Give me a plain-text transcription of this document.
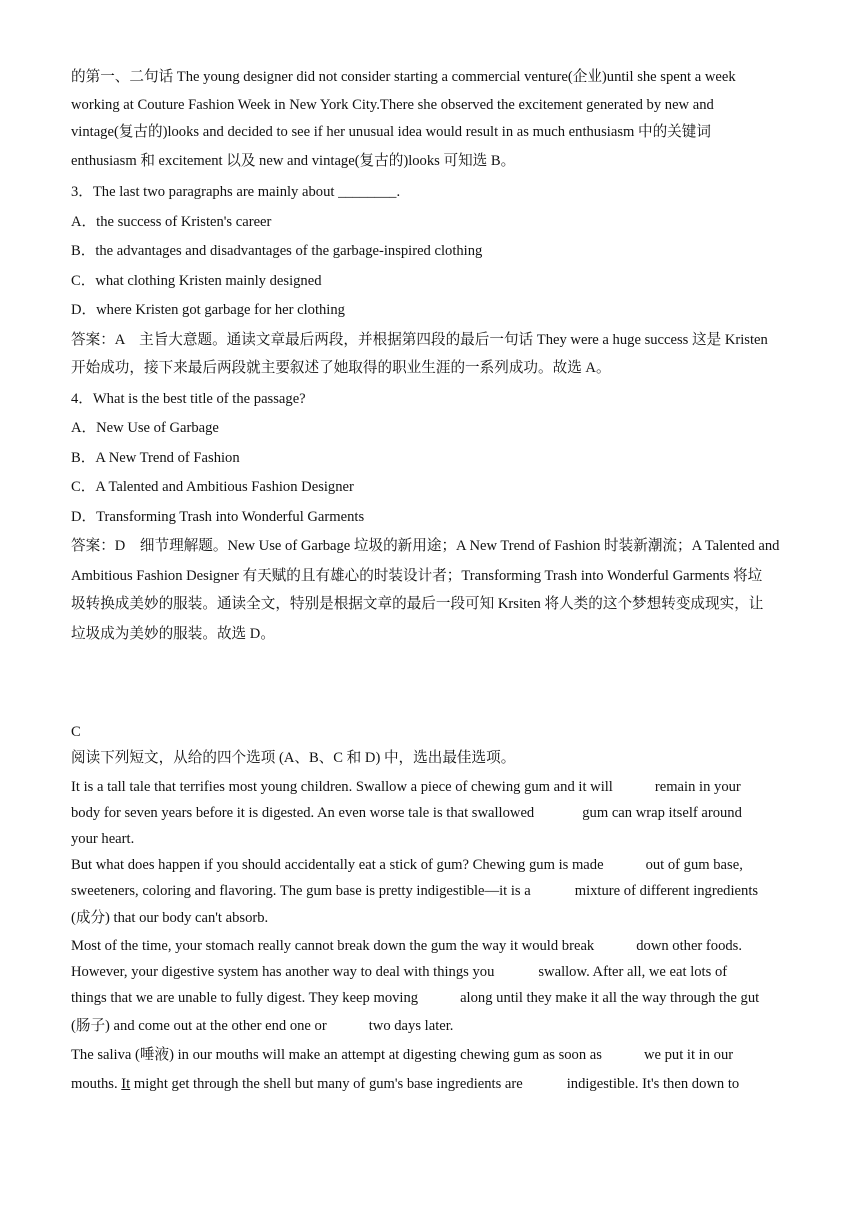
的第一、二句话 The young designer did not consider starting a commercial venture(企业)until she spent a week
working at Couture Fashion Week in New York City.There she observed the excitement generated by new and
vintage(复古的)looks and decided to see if her unusual idea would result in as much enthusiasm 中的关键词
enthusiasm 和 excitement 以及 new and vintage(复古的)looks 可知选 B。
3．The last two paragraphs are mainly about ________.
A．the success of Kristen's career
B．the advantages and disadvantages of the garbage-inspired clothing
C．what clothing Kristen mainly designed
D．where Kristen got garbage for her clothing
答案：A　主旨大意题。通读文章最后两段，并根据第四段的最后一句话 They were a huge success 这是 Kristen
开始成功，接下来最后两段就主要叙述了她取得的职业生涯的一系列成功。故选 A。
4．What is the best title of the passage?
A．New Use of Garbage
B．A New Trend of Fashion
C．A Talented and Ambitious Fashion Designer
D．Transforming Trash into Wonderful Garments
答案：D　细节理解题。New Use of Garbage 垃圾的新用途；A New Trend of Fashion 时装新潮流；A Talented and
Ambitious Fashion Designer 有天赋的且有雄心的时装设计者；Transforming Trash into Wonderful Garments 将垃
圾转换成美妙的服装。通读全文，特别是根据文章的最后一段可知 Krsiten 将人类的这个梦想转变成现实，让
垃圾成为美妙的服装。故选 D。
C
阅读下列短文，从给的四个选项 (A、B、C 和 D) 中，选出最佳选项。
It is a tall tale that terrifies most young children. Swallow a piece of chewing gum and it will	remain in your
body for seven years before it is digested. An even worse tale is that swallowed	gum can wrap itself around
your heart.
But what does happen if you should accidentally eat a stick of gum? Chewing gum is made	out of gum base,
sweeteners, coloring and flavoring. The gum base is pretty indigestible—it is a	mixture of different ingredients
(成分) that our body can't absorb.
Most of the time, your stomach really cannot break down the gum the way it would break	down other foods.
However, your digestive system has another way to deal with things you	swallow. After all, we eat lots of
things that we are unable to fully digest. They keep moving	along until they make it all the way through the gut
(肠子) and come out at the other end one or	two days later.
The saliva (唾液) in our mouths will make an attempt at digesting chewing gum as soon as	we put it in our
mouths. It might get through the shell but many of gum's base ingredients are	indigestible. It's then down to
